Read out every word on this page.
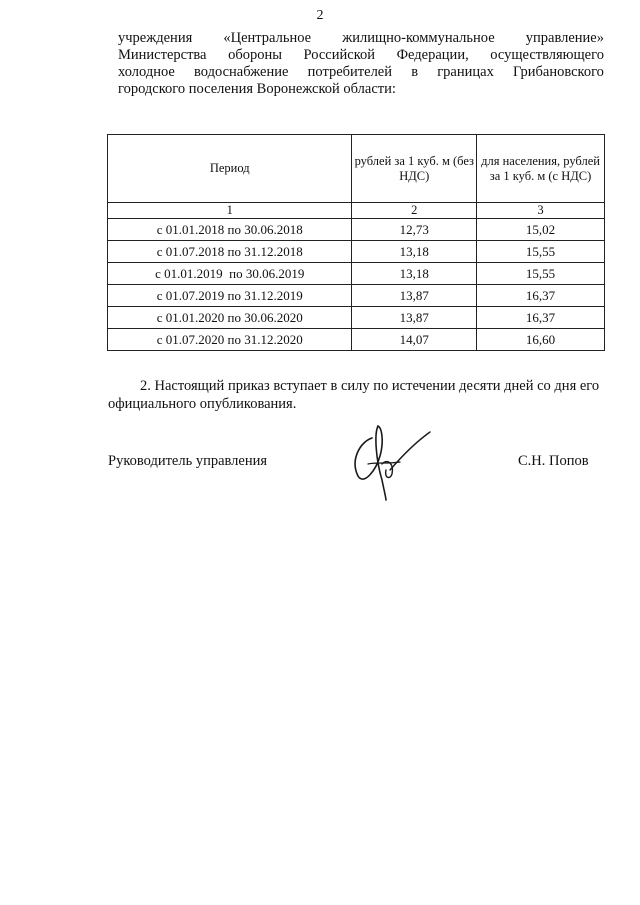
2
учреждения «Центральное жилищно-коммунальное управление»
Министерства обороны Российской Федерации, осуществляющего
холодное водоснабжение потребителей в границах Грибановского
городского поселения Воронежской области:
Период	рублей за 1 куб. м (без НДС)	для населения, рублей за 1 куб. м (с НДС)
1	2	3
с 01.01.2018 по 30.06.2018	12,73	15,02
с 01.07.2018 по 31.12.2018	13,18	15,55
с 01.01.2019  по 30.06.2019	13,18	15,55
с 01.07.2019 по 31.12.2019	13,87	16,37
с 01.01.2020 по 30.06.2020	13,87	16,37
с 01.07.2020 по 31.12.2020	14,07	16,60
2. Настоящий приказ вступает в силу по истечении десяти дней со дня его официального опубликования.
Руководитель управления	С.Н. Попов
